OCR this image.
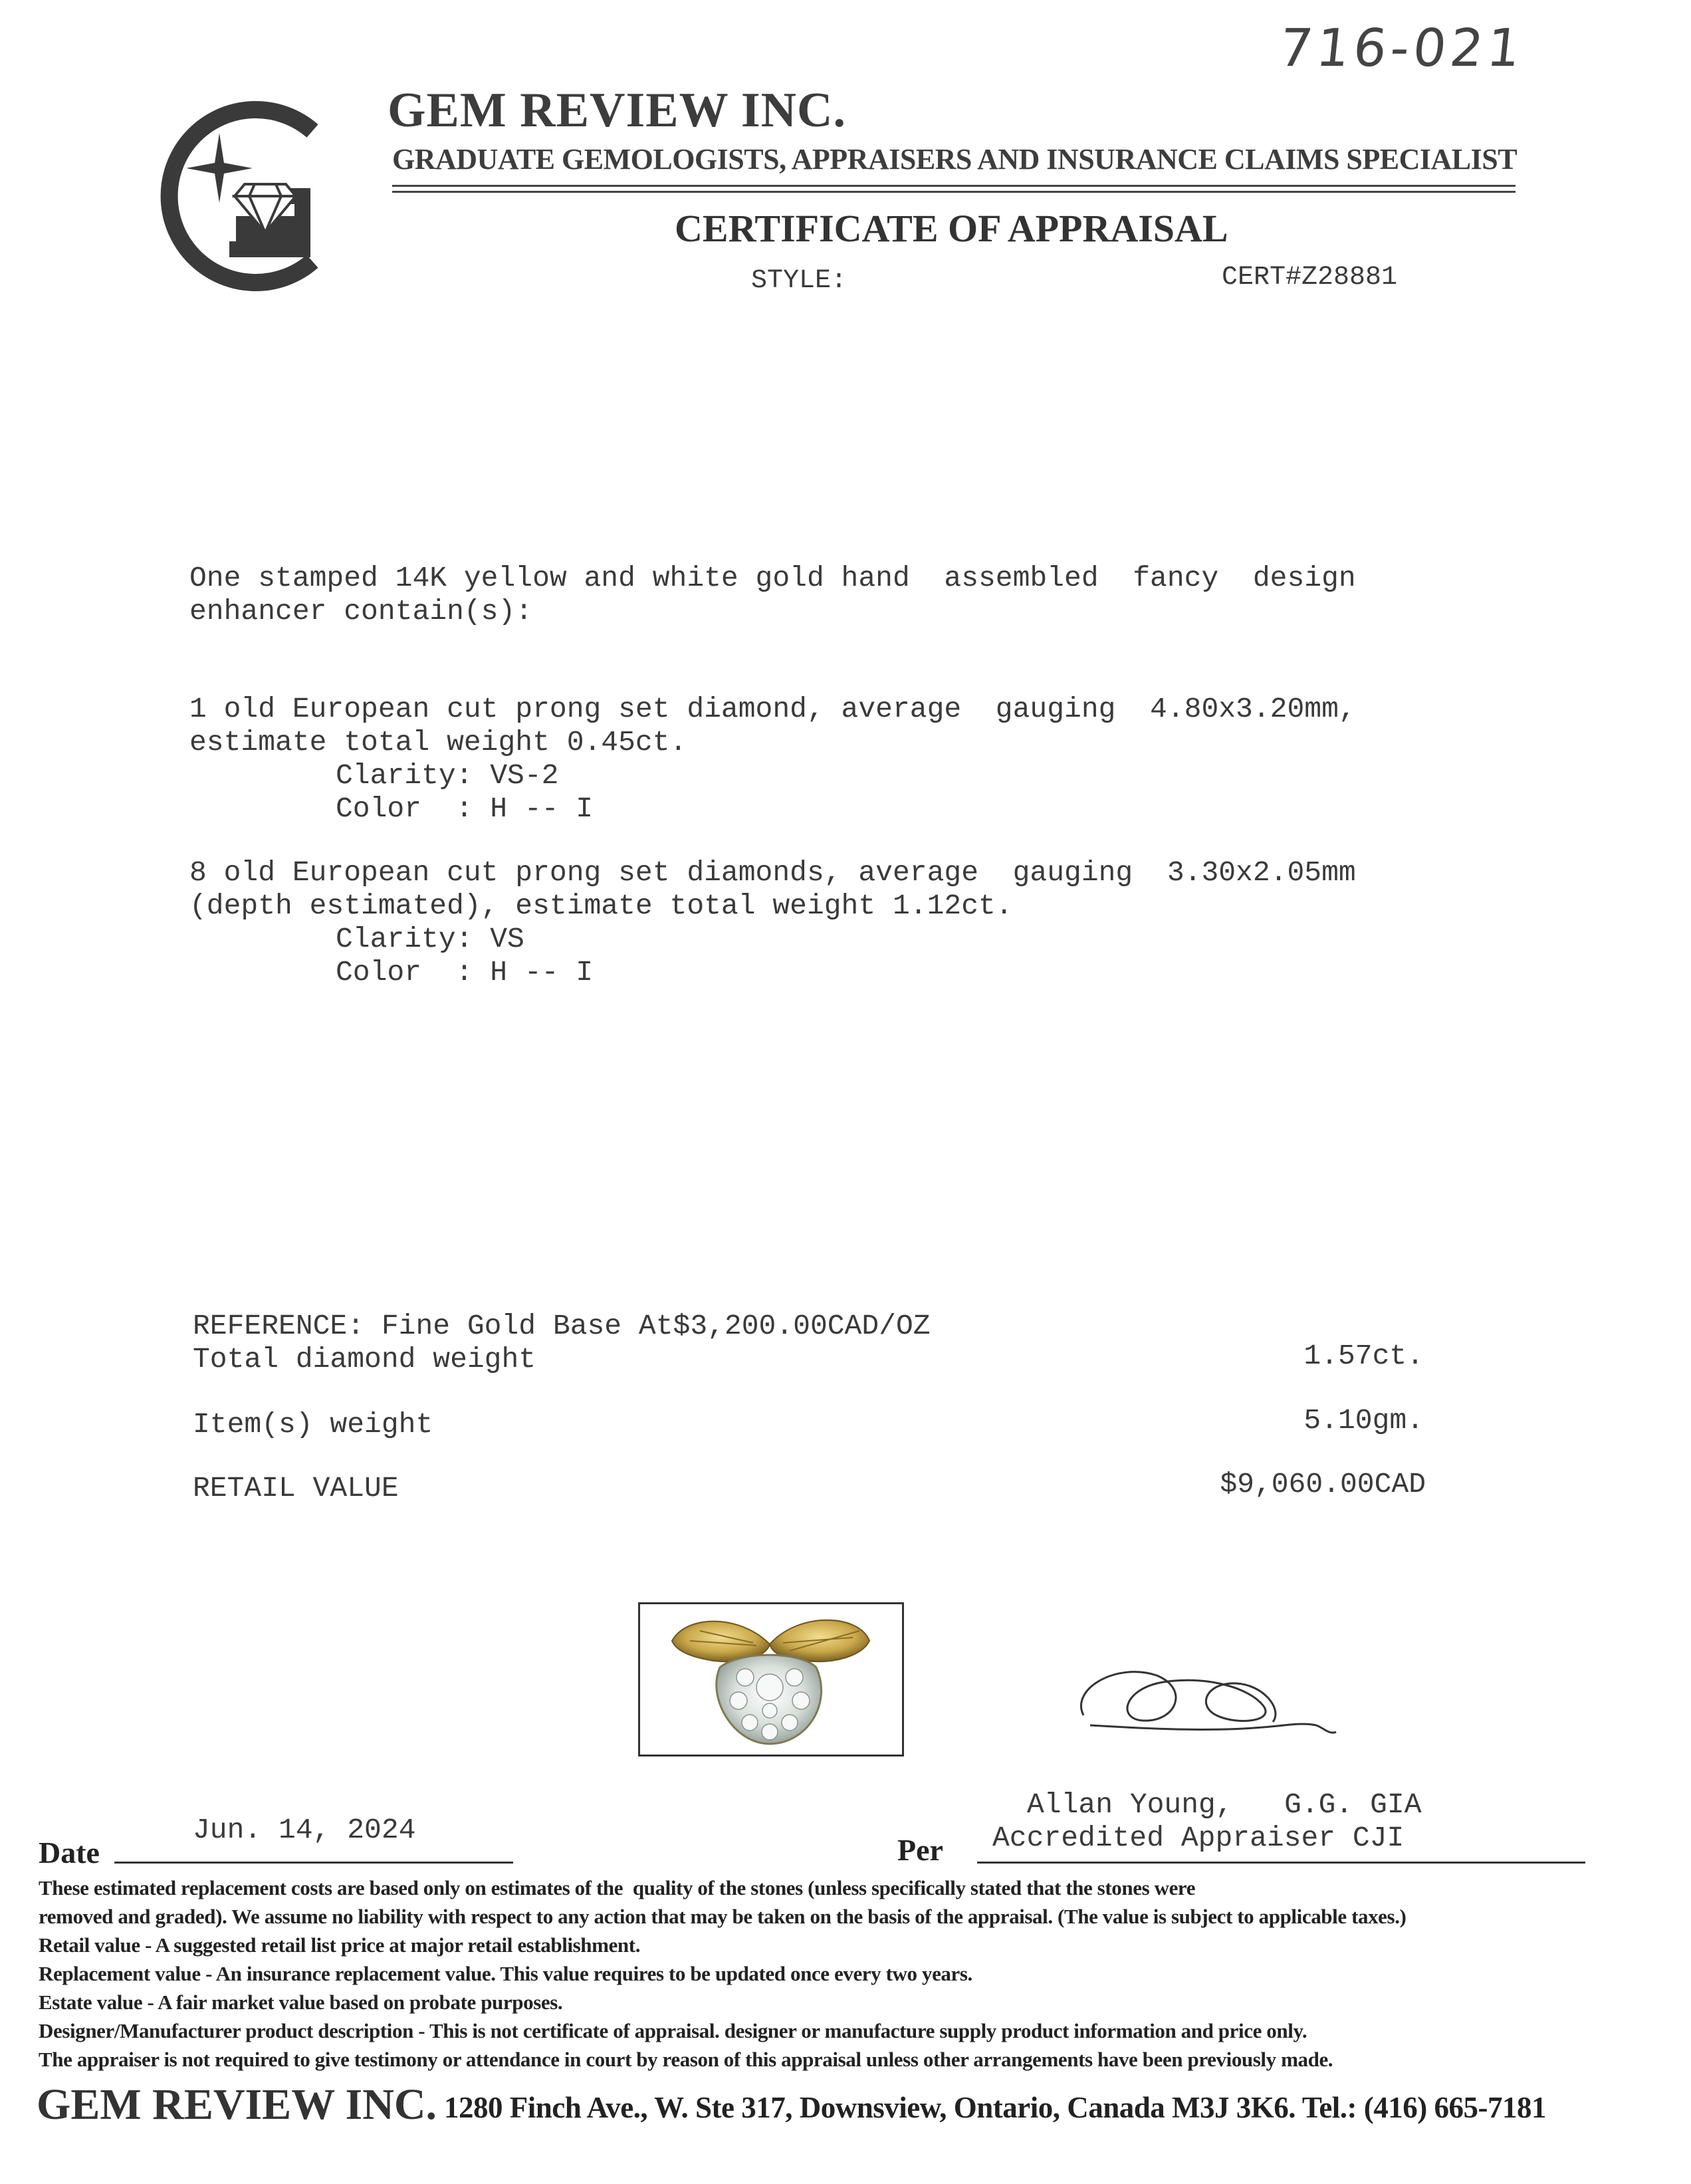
716-021
GEM REVIEW INC.
GRADUATE GEMOLOGISTS, APPRAISERS AND INSURANCE CLAIMS SPECIALIST
CERTIFICATE OF APPRAISAL
STYLE:	CERT#Z28881
One stamped 14K yellow and white gold hand  assembled  fancy  design
enhancer contain(s):
1 old European cut prong set diamond, average  gauging  4.80x3.20mm,
estimate total weight 0.45ct.
Clarity: VS-2
Color  : H -- I
8 old European cut prong set diamonds, average  gauging  3.30x2.05mm
(depth estimated), estimate total weight 1.12ct.
Clarity: VS
Color  : H -- I
REFERENCE: Fine Gold Base At$3,200.00CAD/OZ
Total diamond weight	1.57ct.
Item(s) weight	5.10gm.
RETAIL VALUE	$9,060.00CAD
Allan Young,   G.G. GIA
Accredited Appraiser CJI
Date
Jun. 14, 2024
Per
These estimated replacement costs are based only on estimates of the  quality of the stones (unless specifically stated that the stones were
removed and graded). We assume no liability with respect to any action that may be taken on the basis of the appraisal. (The value is subject to applicable taxes.)
Retail value - A suggested retail list price at major retail establishment.
Replacement value - An insurance replacement value. This value requires to be updated once every two years.
Estate value - A fair market value based on probate purposes.
Designer/Manufacturer product description - This is not certificate of appraisal. designer or manufacture supply product information and price only.
The appraiser is not required to give testimony or attendance in court by reason of this appraisal unless other arrangements have been previously made.
GEM REVIEW INC. 1280 Finch Ave., W. Ste 317, Downsview, Ontario, Canada M3J 3K6. Tel.: (416) 665-7181
